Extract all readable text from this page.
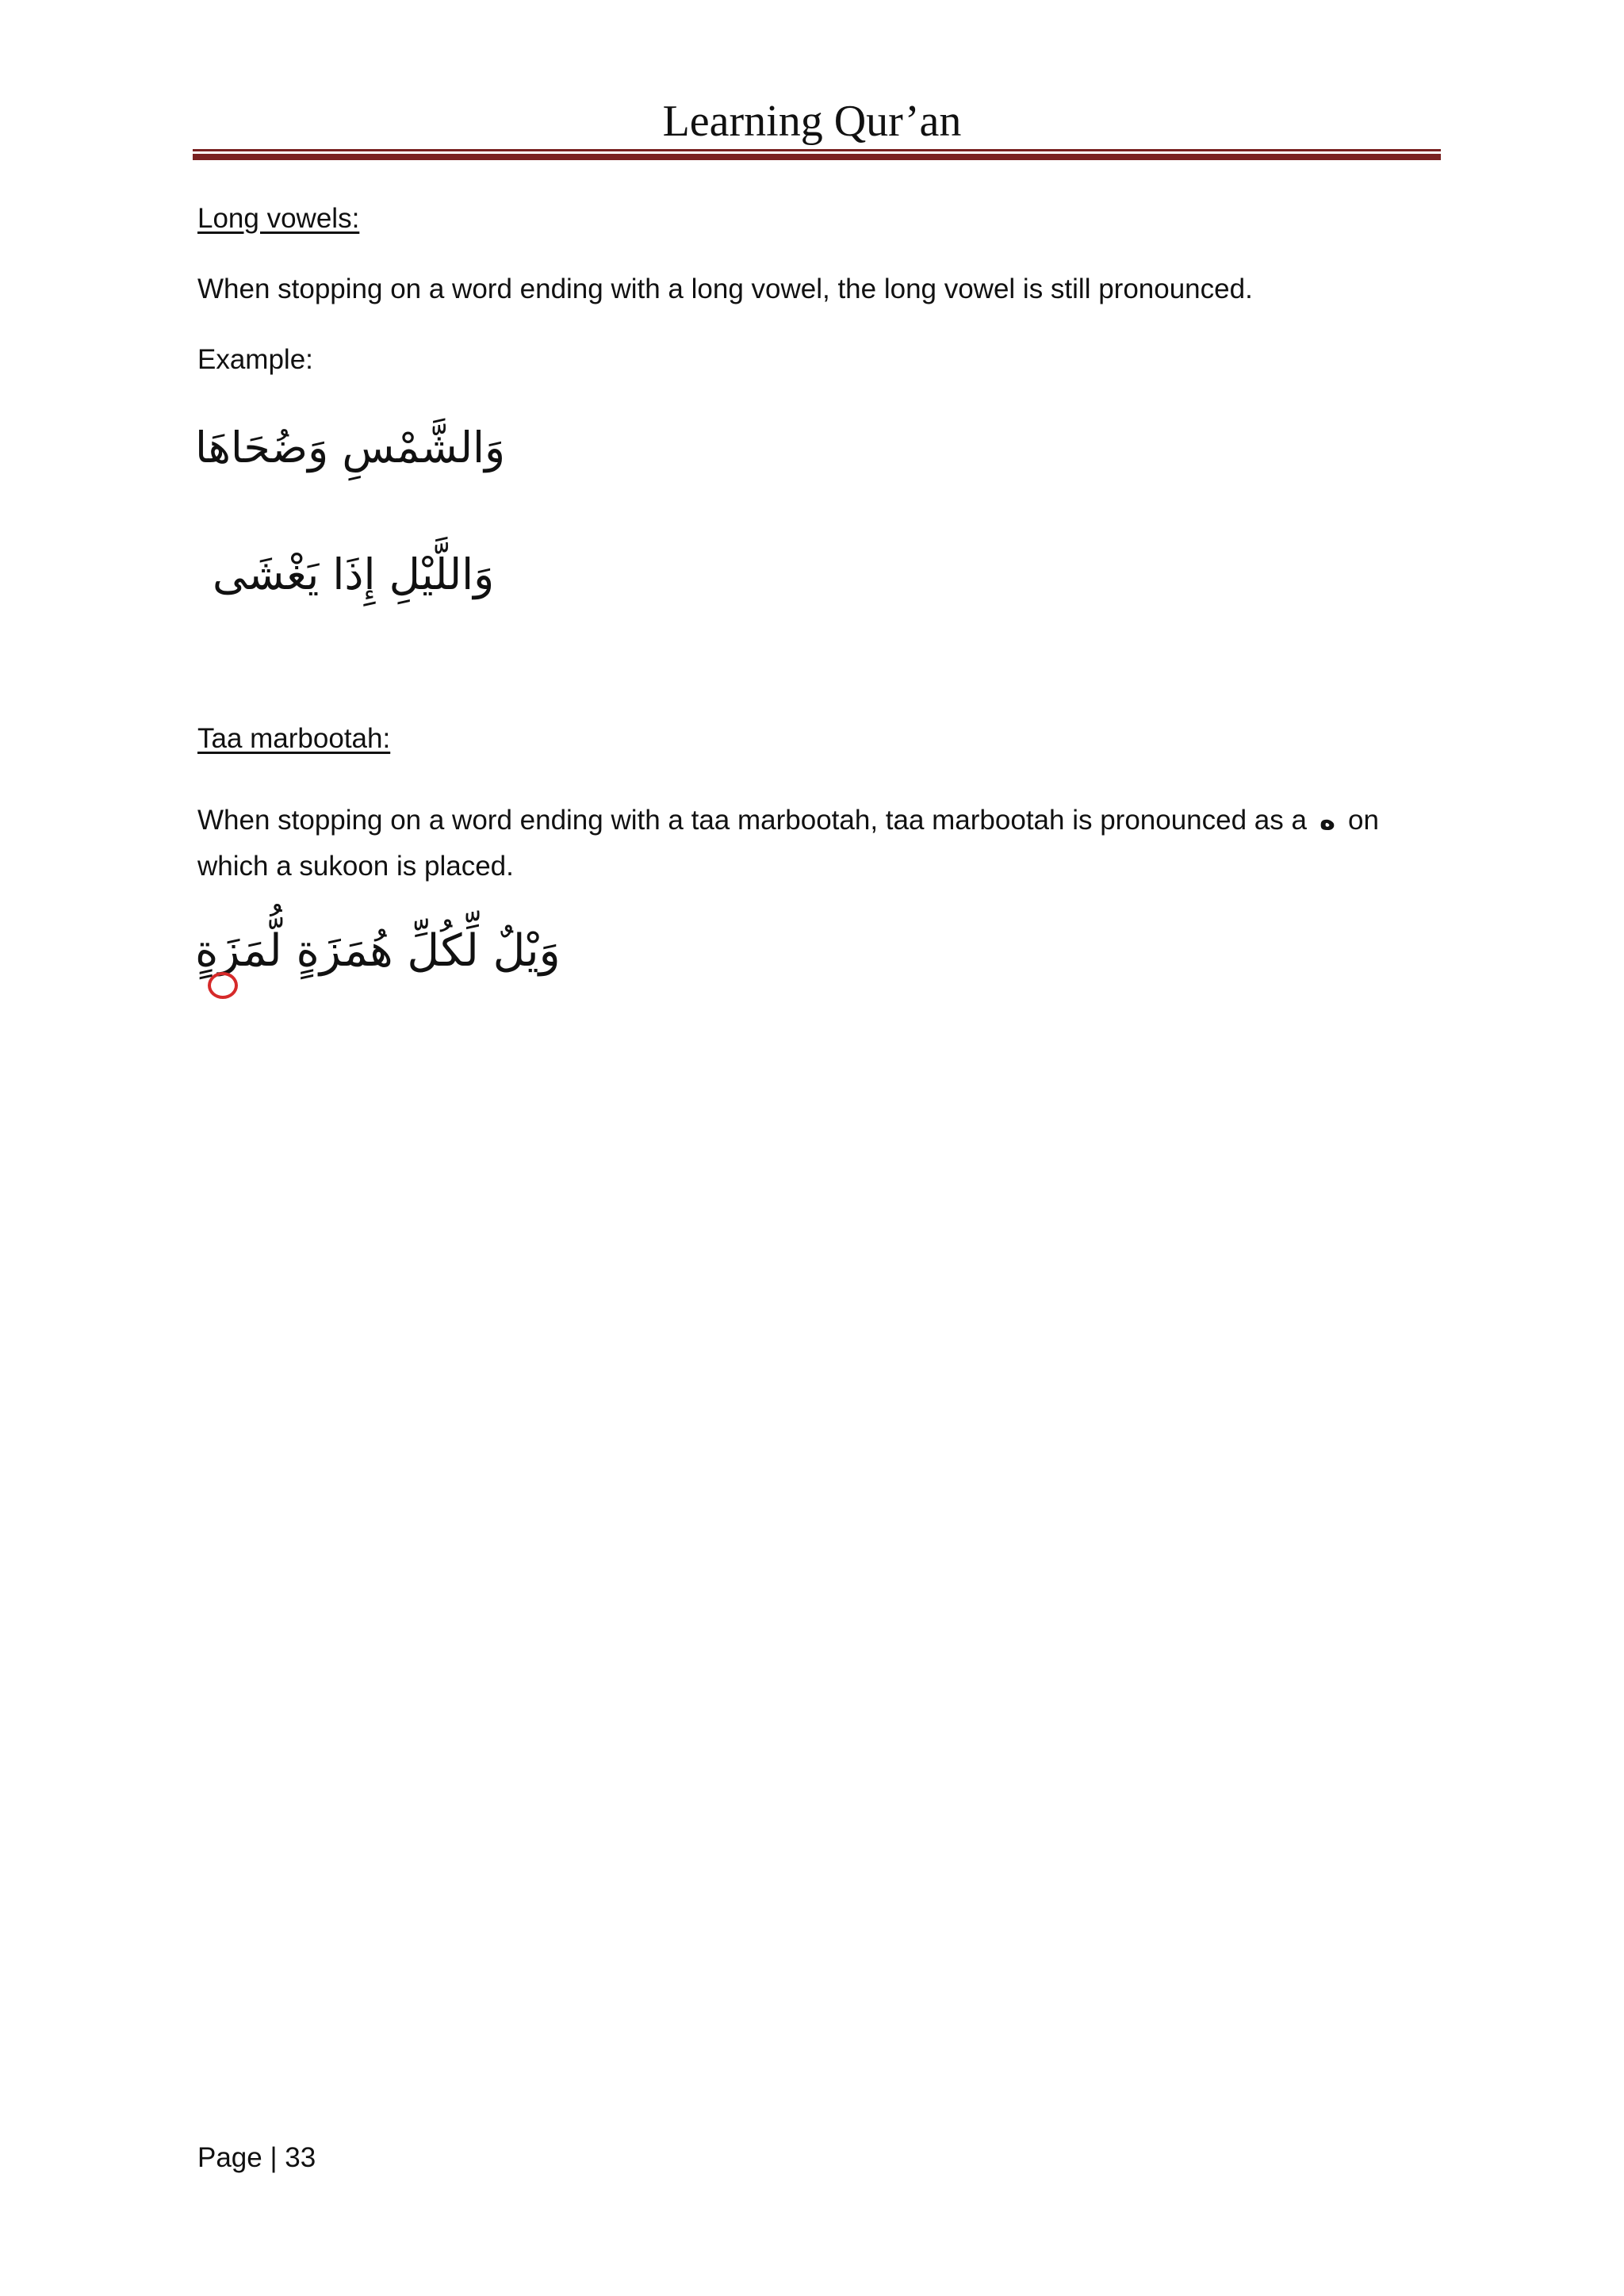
Learning Qur’an
Long vowels:
When stopping on a word ending with a long vowel, the long vowel is still pronounced.
Example:
وَالشَّمْسِ وَضُحَاهَا
وَاللَّيْلِ إِذَا يَغْشَى
Taa marbootah:
When stopping on a word ending with a taa marbootah, taa marbootah is pronounced as a ه on
which a sukoon is placed.
وَيْلٌ لِّكُلِّ هُمَزَةٍ لُّمَزَةٍ
Page | 33
